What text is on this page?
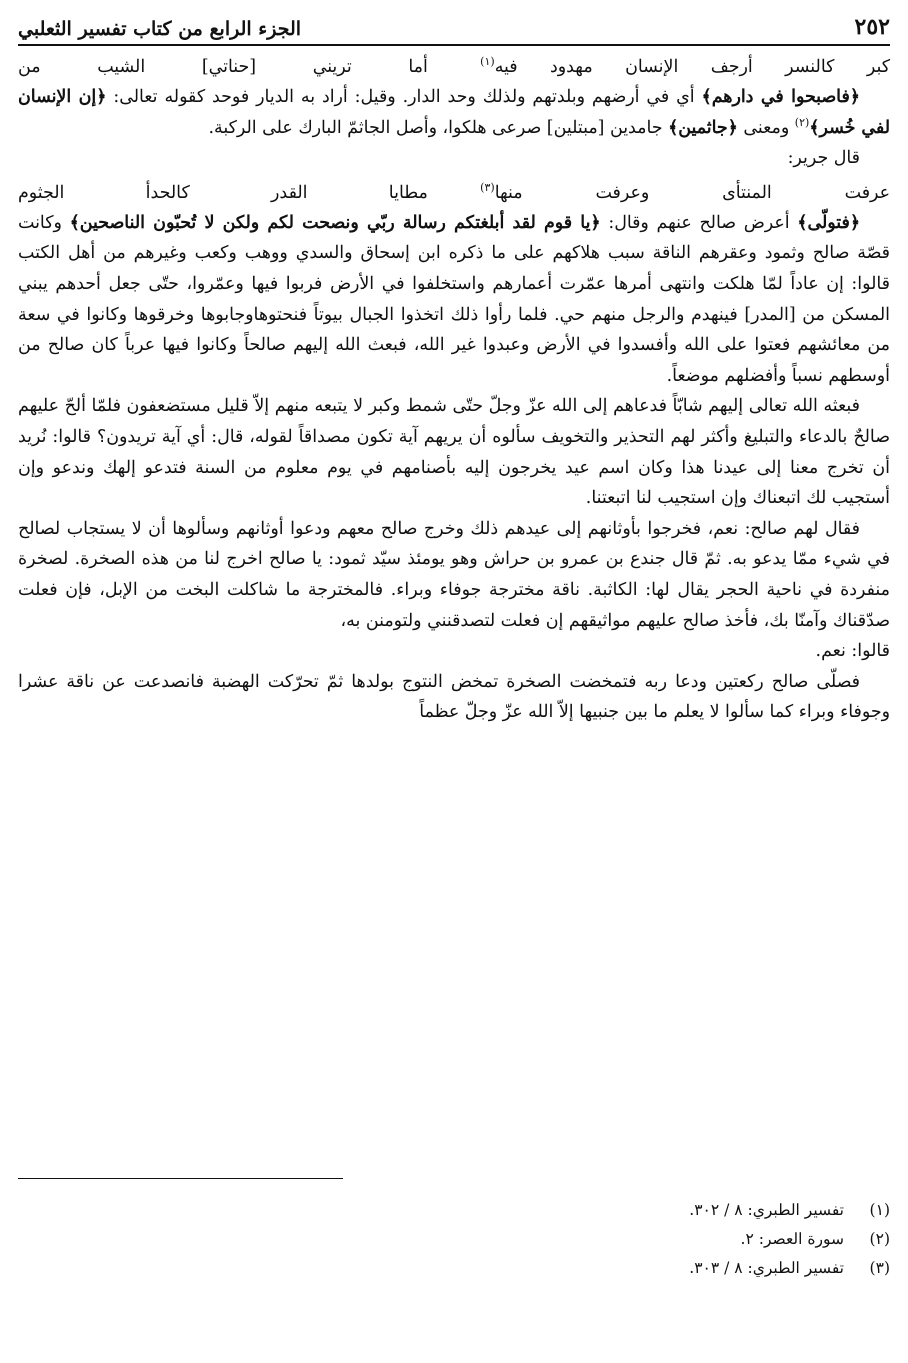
٢٥٢
الجزء الرابع من كتاب تفسير الثعلبي
كبر كالنسر أرجف الإنسان مهدود فيه$^{(١)}$
أما تريني [حناتي] الشيب من

﴿فاصبحوا في دارهم﴾ أي في أرضهم وبلدتهم ولذلك وحد الدار. وقيل: أراد به الديار فوحد كقوله تعالى: ﴿إن الإنسان لفي خُسر﴾$^{(٢)}$ ومعنى ﴿جاثمين﴾ جامدين [مبتلين] صرعى هلكوا، وأصل الجاثمّ البارك على الركبة.

قال جرير:

عرفت المنتأى وعرفت منها$^{(٣)}$
مطايا القدر كالحدأ الجثوم

﴿فتولّى﴾ أعرض صالح عنهم وقال: ﴿يا قوم لقد أبلغتكم رسالة ربّي ونصحت لكم ولكن لا تُحبّون الناصحين﴾ وكانت قصّة صالح وثمود وعقرهم الناقة سبب هلاكهم على ما ذكره ابن إسحاق والسدي ووهب وكعب وغيرهم من أهل الكتب قالوا: إن عاداً لمّا هلكت وانتهى أمرها عمّرت أعمارهم واستخلفوا في الأرض فربوا فيها وعمّروا، حتّى جعل أحدهم يبني المسكن من [المدر] فينهدم والرجل منهم حي. فلما رأوا ذلك اتخذوا الجبال بيوتاً فنحتوهاوجابوها وخرقوها وكانوا في سعة من معائشهم فعتوا على الله وأفسدوا في الأرض وعبدوا غير الله، فبعث الله إليهم صالحاً وكانوا فيها عرباً كان صالح من أوسطهم نسباً وأفضلهم موضعاً.

فبعثه الله تعالى إليهم شابّاً فدعاهم إلى الله عزّ وجلّ حتّى شمط وكبر لا يتبعه منهم إلاّ قليل مستضعفون فلمّا ألحّ عليهم صالحٌ بالدعاء والتبليغ وأكثر لهم التحذير والتخويف سألوه أن يريهم آية تكون مصداقاً لقوله، قال: أي آية تريدون؟ قالوا: نُريد أن تخرج معنا إلى عيدنا هذا وكان اسم عيد يخرجون إليه بأصنامهم في يوم معلوم من السنة فتدعو إلهك وندعو وإن أستجيب لك اتبعناك وإن استجيب لنا اتبعتنا.

فقال لهم صالح: نعم، فخرجوا بأوثانهم إلى عيدهم ذلك وخرج صالح معهم ودعوا أوثانهم وسألوها أن لا يستجاب لصالح في شيء ممّا يدعو به. ثمّ قال جندع بن عمرو بن حراش وهو يومئذ سيّد ثمود: يا صالح اخرج لنا من هذه الصخرة. لصخرة منفردة في ناحية الحجر يقال لها: الكاثبة. ناقة مخترجة جوفاء وبراء. فالمخترجة ما شاكلت البخت من الإبل، فإن فعلت صدّقناك وآمنّا بك، فأخذ صالح عليهم مواثيقهم إن فعلت لتصدقنني ولتومنن به،

قالوا: نعم.

فصلّى صالح ركعتين ودعا ربه فتمخضت الصخرة تمخض النتوج بولدها ثمّ تحرّكت الهضبة فانصدعت عن ناقة عشرا وجوفاء وبراء كما سألوا لا يعلم ما بين جنبيها إلاّ الله عزّ وجلّ عظماً

(١)
تفسير الطبري: ٨ / ٣٠٢.
(٢)
سورة العصر: ٢.
(٣)
تفسير الطبري: ٨ / ٣٠٣.
